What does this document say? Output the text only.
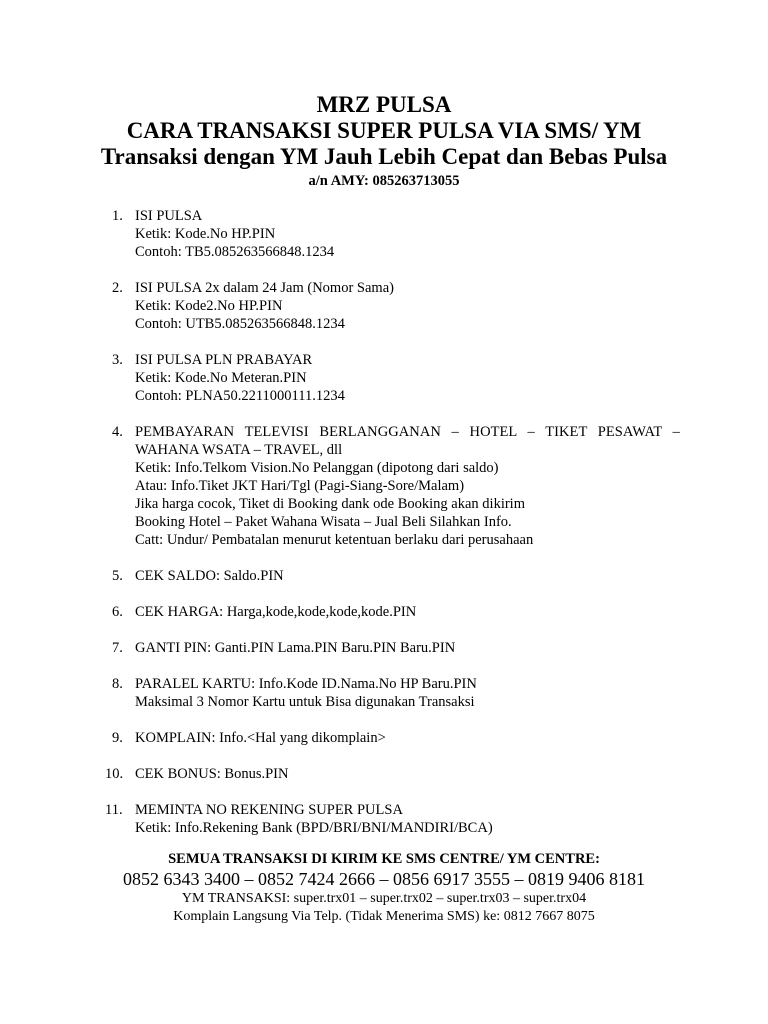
MRZ PULSA
CARA TRANSAKSI SUPER PULSA VIA SMS/ YM
Transaksi dengan YM Jauh Lebih Cepat dan Bebas Pulsa
a/n AMY: 085263713055
1. ISI PULSA
Ketik: Kode.No HP.PIN
Contoh: TB5.085263566848.1234
2. ISI PULSA 2x dalam 24 Jam (Nomor Sama)
Ketik: Kode2.No HP.PIN
Contoh: UTB5.085263566848.1234
3. ISI PULSA PLN PRABAYAR
Ketik: Kode.No Meteran.PIN
Contoh: PLNA50.2211000111.1234
4. PEMBAYARAN TELEVISI BERLANGGANAN – HOTEL – TIKET PESAWAT –
WAHANA WSATA – TRAVEL, dll
Ketik: Info.Telkom Vision.No Pelanggan (dipotong dari saldo)
Atau: Info.Tiket JKT Hari/Tgl (Pagi-Siang-Sore/Malam)
Jika harga cocok, Tiket di Booking dank ode Booking akan dikirim
Booking Hotel – Paket Wahana Wisata – Jual Beli Silahkan Info.
Catt: Undur/ Pembatalan menurut ketentuan berlaku dari perusahaan
5. CEK SALDO: Saldo.PIN
6. CEK HARGA: Harga,kode,kode,kode,kode.PIN
7. GANTI PIN: Ganti.PIN Lama.PIN Baru.PIN Baru.PIN
8. PARALEL KARTU: Info.Kode ID.Nama.No HP Baru.PIN
Maksimal 3 Nomor Kartu untuk Bisa digunakan Transaksi
9. KOMPLAIN: Info.<Hal yang dikomplain>
10. CEK BONUS: Bonus.PIN
11. MEMINTA NO REKENING SUPER PULSA
Ketik: Info.Rekening Bank (BPD/BRI/BNI/MANDIRI/BCA)
SEMUA TRANSAKSI DI KIRIM KE SMS CENTRE/ YM CENTRE:
0852 6343 3400 – 0852 7424 2666 – 0856 6917 3555 – 0819 9406 8181
YM TRANSAKSI: super.trx01 – super.trx02 – super.trx03 – super.trx04
Komplain Langsung Via Telp. (Tidak Menerima SMS) ke: 0812 7667 8075
